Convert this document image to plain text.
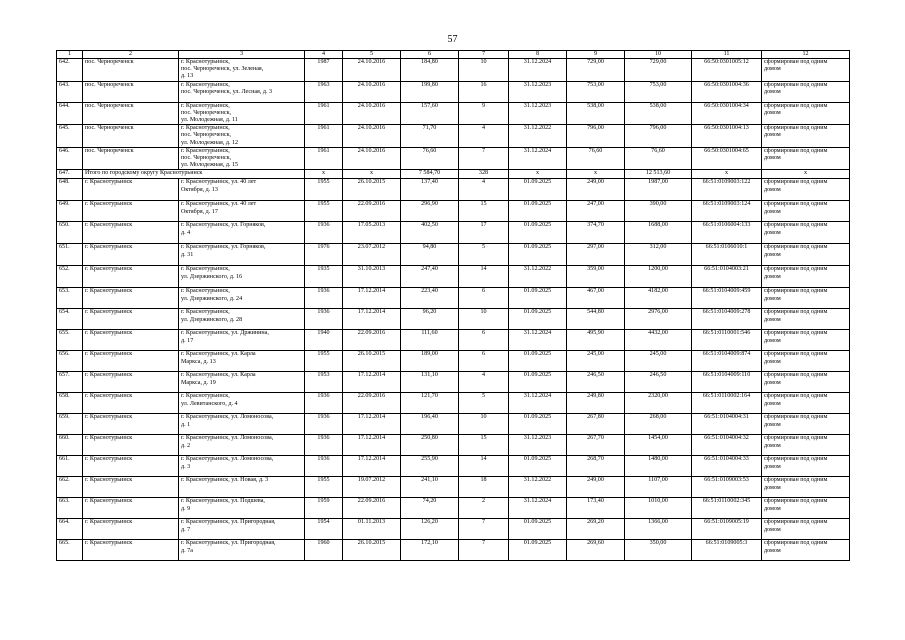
57
1	2	3	4	5	6	7	8	9	10	11	12
642.	пос. Чернореченск	г. Краснотурьинск,
пос. Чернореченск, ул. Зеленая,
д. 13	1987	24.10.2016	184,80	10	31.12.2024	729,00	729,00	66:50:0301005:12	сформирован под одним
домом
643.	пос. Чернореченск	г. Краснотурьинск,
пос. Чернореченск, ул. Лесная, д. 3	1963	24.10.2016	199,80	16	31.12.2023	753,00	753,00	66:50:0301004:36	сформирован под одним
домом
644.	пос. Чернореченск	г. Краснотурьинск,
пос. Чернореченск,
ул. Молодежная, д. 11	1961	24.10.2016	157,60	9	31.12.2023	538,00	538,00	66:50:0301004:34	сформирован под одним
домом
645.	пос. Чернореченск	г. Краснотурьинск,
пос. Чернореченск,
ул. Молодежная, д. 12	1961	24.10.2016	71,70	4	31.12.2022	796,00	796,00	66:50:0301004:13	сформирован под одним
домом
646.	пос. Чернореченск	г. Краснотурьинск,
пос. Чернореченск,
ул. Молодежная, д. 15	1961	24.10.2016	76,60	7	31.12.2024	76,60	76,60	66:50:0301004:65	сформирован под одним
домом
647.	Итого по городскому округу Краснотурьинск		х	х	7 584,70	328	х	х	12 513,60	х	х
648.	г. Краснотурьинск	г. Краснотурьинск, ул. 40 лет
Октября, д. 13	1955	26.10.2015	137,40	4	01.09.2025	249,00	1987,00	66:51:0109003:122	сформирован под одним
домом
649.	г. Краснотурьинск	г. Краснотурьинск, ул. 40 лет
Октября, д. 17	1955	22.09.2016	296,90	15	01.09.2025	247,00	390,00	66:51:0109003:124	сформирован под одним
домом
650.	г. Краснотурьинск	г. Краснотурьинск, ул. Горняков,
д. 4	1936	17.05.2013	402,50	17	01.09.2025	374,70	1688,00	66:51:0106004:133	сформирован под одним
домом
651.	г. Краснотурьинск	г. Краснотурьинск, ул. Горняков,
д. 31	1976	23.07.2012	94,80	5	01.09.2025	297,00	312,00	66:51:0106010:1	сформирован под одним
домом
652.	г. Краснотурьинск	г. Краснотурьинск,
ул. Дзержинского, д. 16	1935	31.10.2013	247,40	14	31.12.2022	359,00	1200,00	66:51:0104003:21	сформирован под одним
домом
653.	г. Краснотурьинск	г. Краснотурьинск,
ул. Дзержинского, д. 24	1936	17.12.2014	223,40	6	01.09.2025	467,00	4182,00	66:51:0104009:459	сформирован под одним
домом
654.	г. Краснотурьинск	г. Краснотурьинск,
ул. Дзержинского, д. 28	1936	17.12.2014	96,20	10	01.09.2025	544,80	2976,00	66:51:0104009:278	сформирован под одним
домом
655.	г. Краснотурьинск	г. Краснотурьинск, ул. Држинина,
д. 17	1940	22.09.2016	111,60	6	31.12.2024	495,90	4432,00	66:51:0110001:546	сформирован под одним
домом
656.	г. Краснотурьинск	г. Краснотурьинск, ул. Карла
Маркса, д. 13	1955	26.10.2015	189,00	6	01.09.2025	245,00	245,00	66:51:0104009:874	сформирован под одним
домом
657.	г. Краснотурьинск	г. Краснотурьинск, ул. Карла
Маркса, д. 19	1953	17.12.2014	131,10	4	01.09.2025	246,50	246,50	66:51:0104009:110	сформирован под одним
домом
658.	г. Краснотурьинск	г. Краснотурьинск,
ул. Левитанского, д. 4	1936	22.09.2016	121,70	5	31.12.2024	249,80	2320,00	66:51:0110002:164	сформирован под одним
домом
659.	г. Краснотурьинск	г. Краснотурьинск, ул. Ломоносова,
д. 1	1936	17.12.2014	196,40	10	01.09.2025	267,80	268,00	66:51:0104004:31	сформирован под одним
домом
660.	г. Краснотурьинск	г. Краснотурьинск, ул. Ломоносова,
д. 2	1936	17.12.2014	250,80	15	31.12.2023	267,70	1454,00	66:51:0104004:32	сформирован под одним
домом
661.	г. Краснотурьинск	г. Краснотурьинск, ул. Ломоносова,
д. 3	1936	17.12.2014	255,90	14	01.09.2025	268,70	1480,00	66:51:0104004:33	сформирован под одним
домом
662.	г. Краснотурьинск	г. Краснотурьинск, ул. Новая, д. 3	1955	19.07.2012	241,10	18	31.12.2022	249,00	1107,00	66:51:0109003:53	сформирован под одним
домом
663.	г. Краснотурьинск	г. Краснотурьинск, ул. Подшева,
д. 9	1959	22.09.2016	74,20	2	31.12.2024	173,40	1010,00	66:51:0110002:345	сформирован под одним
домом
664.	г. Краснотурьинск	г. Краснотурьинск, ул. Пригородная,
д. 7	1954	01.11.2013	126,20	7	01.09.2025	269,20	1366,00	66:51:0109005:19	сформирован под одним
домом
665.	г. Краснотурьинск	г. Краснотурьинск, ул. Пригородная,
д. 7а	1960	26.10.2015	172,10	7	01.09.2025	269,60	350,00	66:51:0109005:3	сформирован под одним
домом
